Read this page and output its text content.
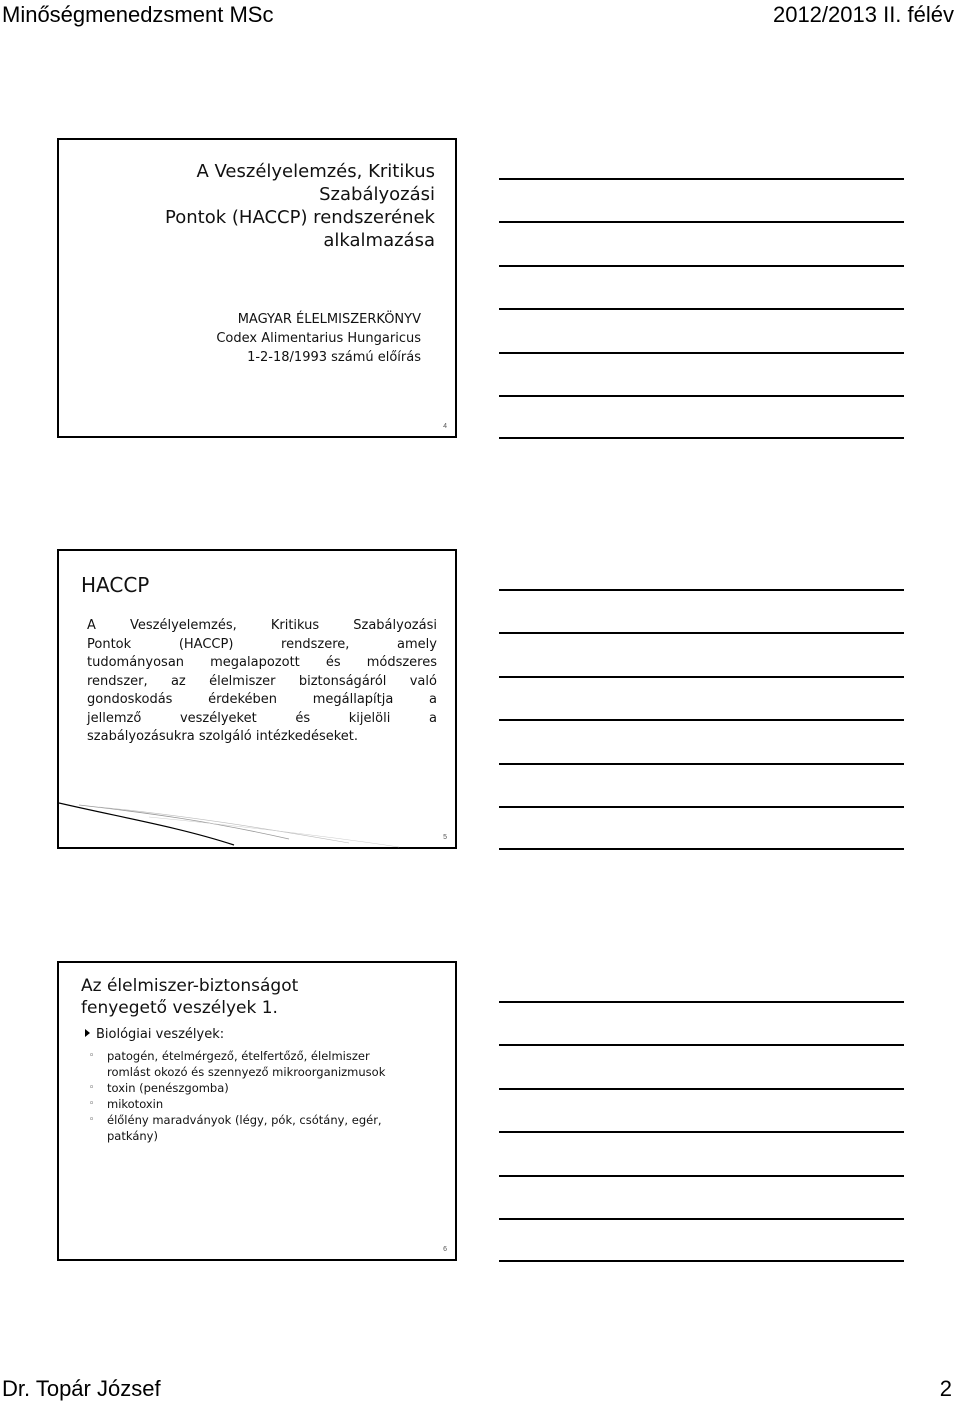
Minőségmenedzsment MSc	2012/2013 II. félév
A Veszélyelemzés, Kritikus
Szabályozási
Pontok (HACCP) rendszerének
alkalmazása
MAGYAR ÉLELMISZERKÖNYV
Codex Alimentarius Hungaricus
1-2-18/1993 számú előírás
4
HACCP
A	Veszélyelemzés,	Kritikus	Szabályozási
Pontok	(HACCP)	rendszere,	amely
tudományosan megalapozott és módszeres
rendszer, az élelmiszer biztonságáról való
gondoskodás	érdekében	megállapítja	a
jellemző	veszélyeket	és	kijelöli	a
szabályozásukra szolgáló intézkedéseket.
5
Az élelmiszer-biztonságot
fenyegető veszélyek 1.
Biológiai veszélyek:
◦ patogén, ételmérgező, ételfertőző, élelmiszer
romlást okozó és szennyező mikroorganizmusok
◦ toxin (penészgomba)
◦ mikotoxin
◦ élőlény maradványok (légy, pók, csótány, egér,
patkány)
6
Dr. Topár József	2
